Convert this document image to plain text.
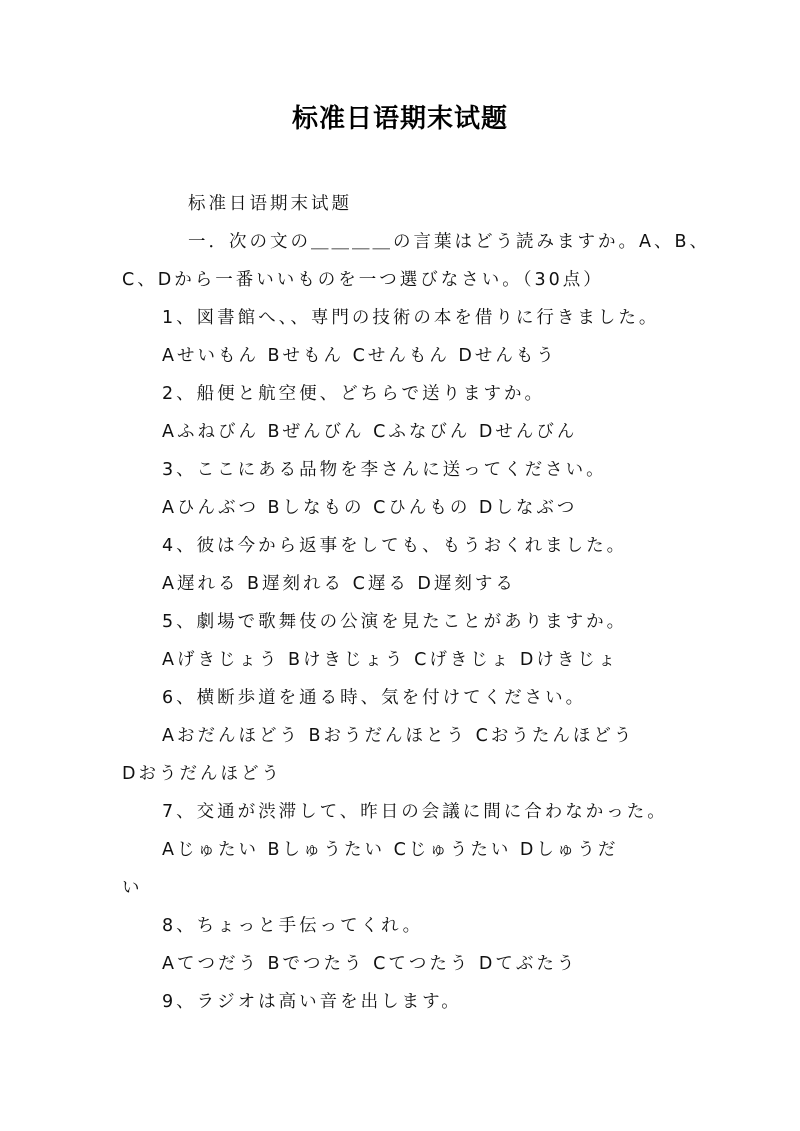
标准日语期末试题
标准日语期末试题
一．次の文の＿＿＿＿の言葉はどう読みますか。A、B、
C、Dから一番いいものを一つ選びなさい。（30点）
1、図書館へ、、専門の技術の本を借りに行きました。
Aせいもん Bせもん Cせんもん Dせんもう
2、船便と航空便、どちらで送りますか。
Aふねびん Bぜんびん Cふなびん Dせんびん
3、ここにある品物を李さんに送ってください。
Aひんぶつ Bしなもの Cひんもの Dしなぶつ
4、彼は今から返事をしても、もうおくれました。
A遅れる B遅刻れる C遅る D遅刻する
5、劇場で歌舞伎の公演を見たことがありますか。
Aげきじょう Bけきじょう Cげきじょ Dけきじょ
6、横断歩道を通る時、気を付けてください。
Aおだんほどう Bおうだんほとう Cおうたんほどう
Dおうだんほどう
7、交通が渋滞して、昨日の会議に間に合わなかった。
Aじゅたい Bしゅうたい Cじゅうたい Dしゅうだ
い
8、ちょっと手伝ってくれ。
Aてつだう Bでつたう Cてつたう Dてぶたう
9、ラジオは高い音を出します。
